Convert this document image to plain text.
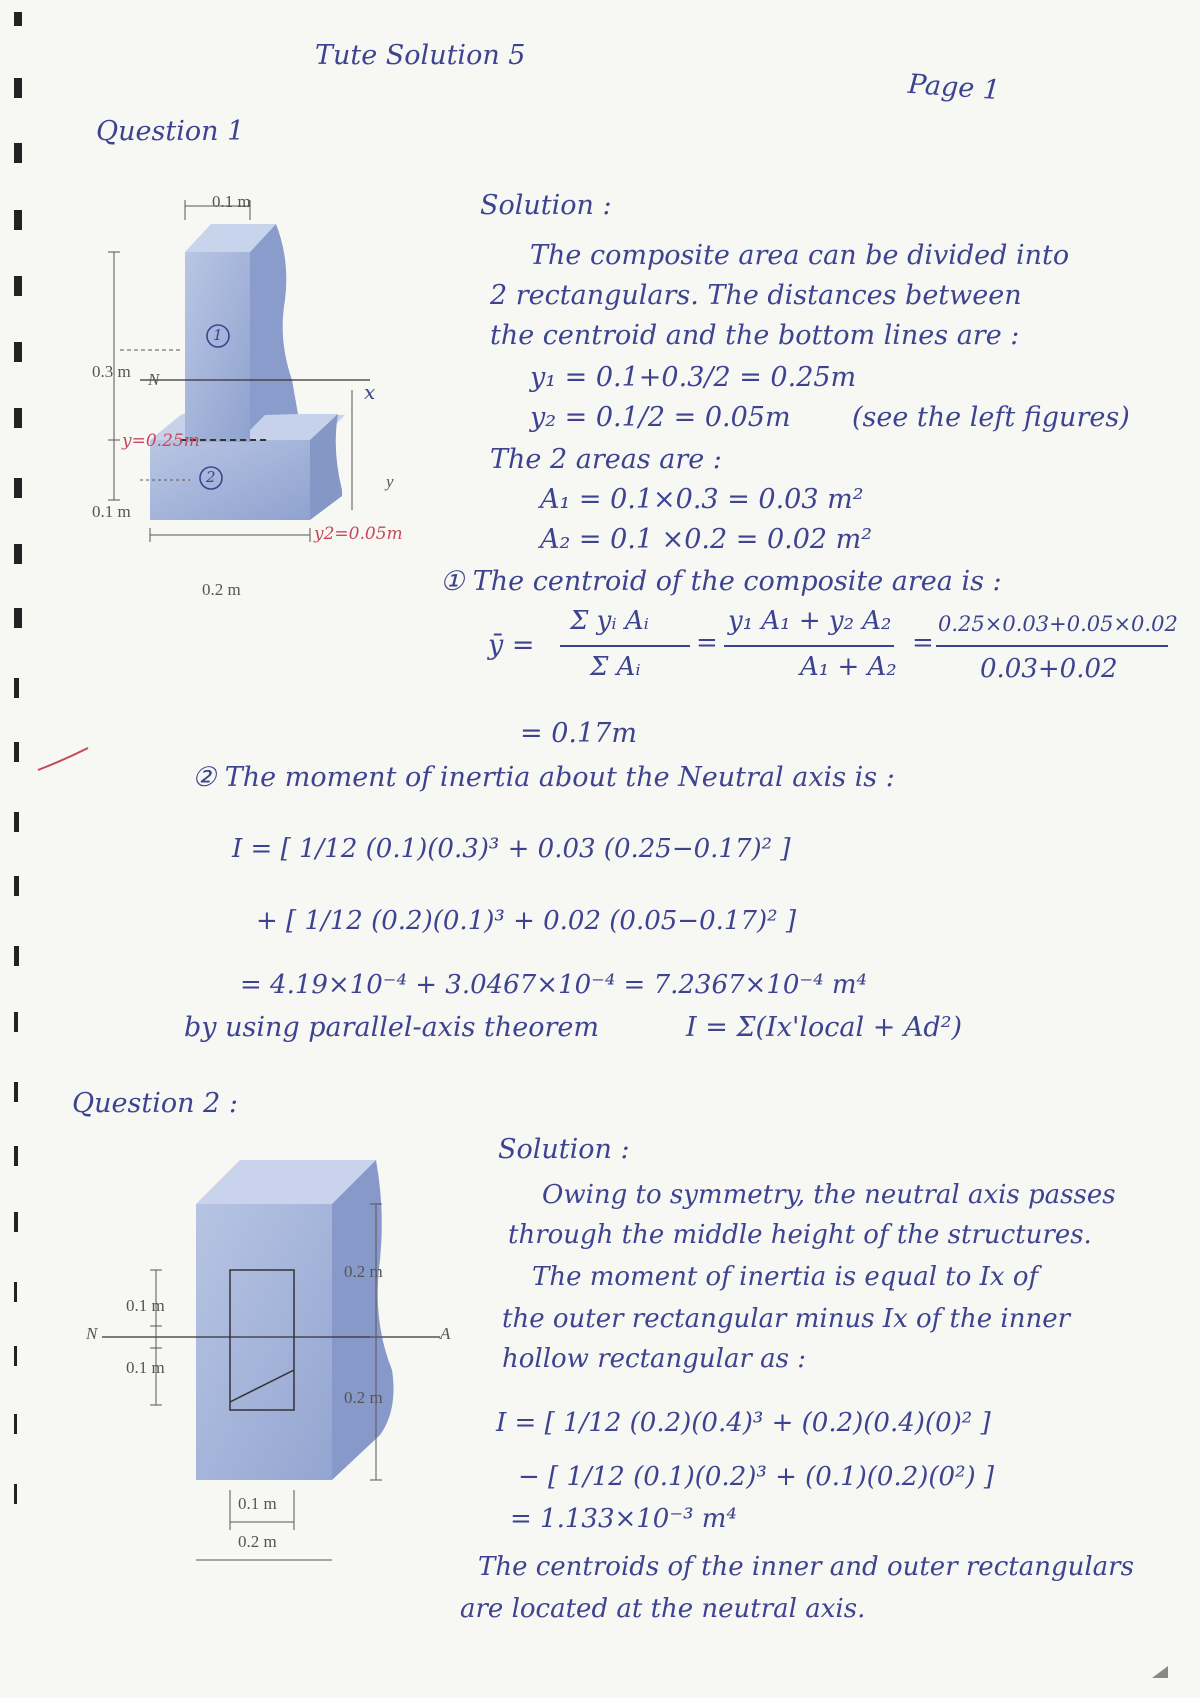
Tute Solution 5
Page 1
Question 1
0.1 m
0.3 m N
x
y=0.25m
0.1 m
y
y2=0.05m
0.2 m
1
2
Solution :
The composite area can be divided into
2 rectangulars. The distances between
the centroid and the bottom lines are :
y₁ = 0.1+0.3/2 = 0.25m
y₂ = 0.1/2 = 0.05m (see the left figures)
The 2 areas are :
A₁ = 0.1×0.3 = 0.03 m²
A₂ = 0.1 ×0.2 = 0.02 m²
① The centroid of the composite area is :
ȳ =
Σ yᵢ Aᵢ
Σ Aᵢ
=
y₁ A₁ + y₂ A₂
A₁ + A₂
=
0.25×0.03+0.05×0.02
0.03+0.02
= 0.17m
② The moment of inertia about the Neutral axis is :
I = [ 1/12 (0.1)(0.3)³ + 0.03 (0.25−0.17)² ]
+ [ 1/12 (0.2)(0.1)³ + 0.02 (0.05−0.17)² ]
= 4.19×10⁻⁴ + 3.0467×10⁻⁴ = 7.2367×10⁻⁴ m⁴
by using parallel-axis theorem	I = Σ(Ix'local + Ad²)
Question 2 :
0.2 m
0.2 m
0.1 m
0.1 m
N	A
0.1 m
0.2 m
Solution :
Owing to symmetry, the neutral axis passes
through the middle height of the structures.
The moment of inertia is equal to Ix of
the outer rectangular minus Ix of the inner
hollow rectangular as :
I = [ 1/12 (0.2)(0.4)³ + (0.2)(0.4)(0)² ]
− [ 1/12 (0.1)(0.2)³ + (0.1)(0.2)(0²) ]
= 1.133×10⁻³ m⁴
The centroids of the inner and outer rectangulars
are located at the neutral axis.
